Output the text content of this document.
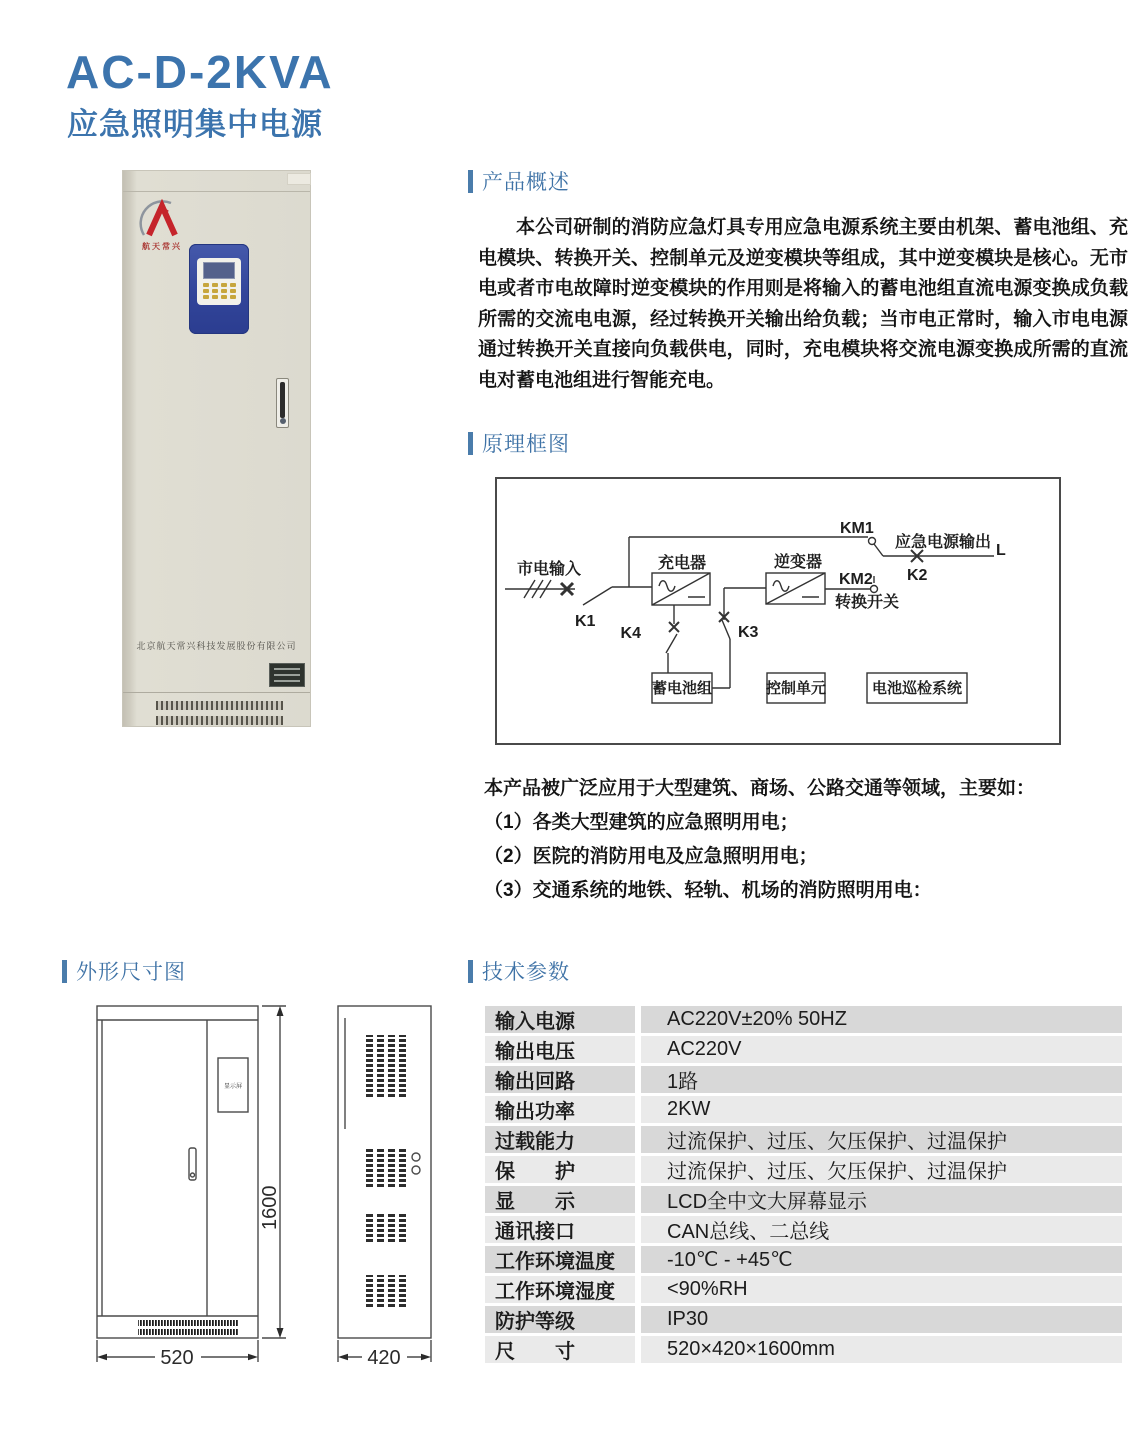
AC-D-2KVA
应急照明集中电源
航天常兴
北京航天常兴科技发展股份有限公司
产品概述
本公司研制的消防应急灯具专用应急电源系统主要由机架、蓄电池组、充电模块、转换开关、控制单元及逆变模块等组成，其中逆变模块是核心。无市电或者市电故障时逆变模块的作用则是将输入的蓄电池组直流电源变换成负载所需的交流电电源，经过转换开关输出给负载；当市电正常时，输入市电电源通过转换开关直接向负载供电，同时，充电模块将交流电源变换成所需的直流电对蓄电池组进行智能充电。
原理框图
市电输入
K1
充电器
K4
蓄电池组
K3
逆变器
KM2
转换开关
KM1
应急电源输出 L
K2
控制单元	电池巡检系统
本产品被广泛应用于大型建筑、商场、公路交通等领域，主要如：
（1）各类大型建筑的应急照明用电；
（2）医院的消防用电及应急照明用电；
（3）交通系统的地铁、轻轨、机场的消防照明用电：
外形尺寸图
显示屏
1600
520	420
技术参数
输入电源	AC220V±20% 50HZ
输出电压	AC220V
输出回路	1路
输出功率	2KW
过载能力	过流保护、过压、欠压保护、过温保护
保　　护	过流保护、过压、欠压保护、过温保护
显　　示	LCD全中文大屏幕显示
通讯接口	CAN总线、二总线
工作环境温度	-10℃ - +45℃
工作环境湿度	<90%RH
防护等级	IP30
尺　　寸	520×420×1600mm
